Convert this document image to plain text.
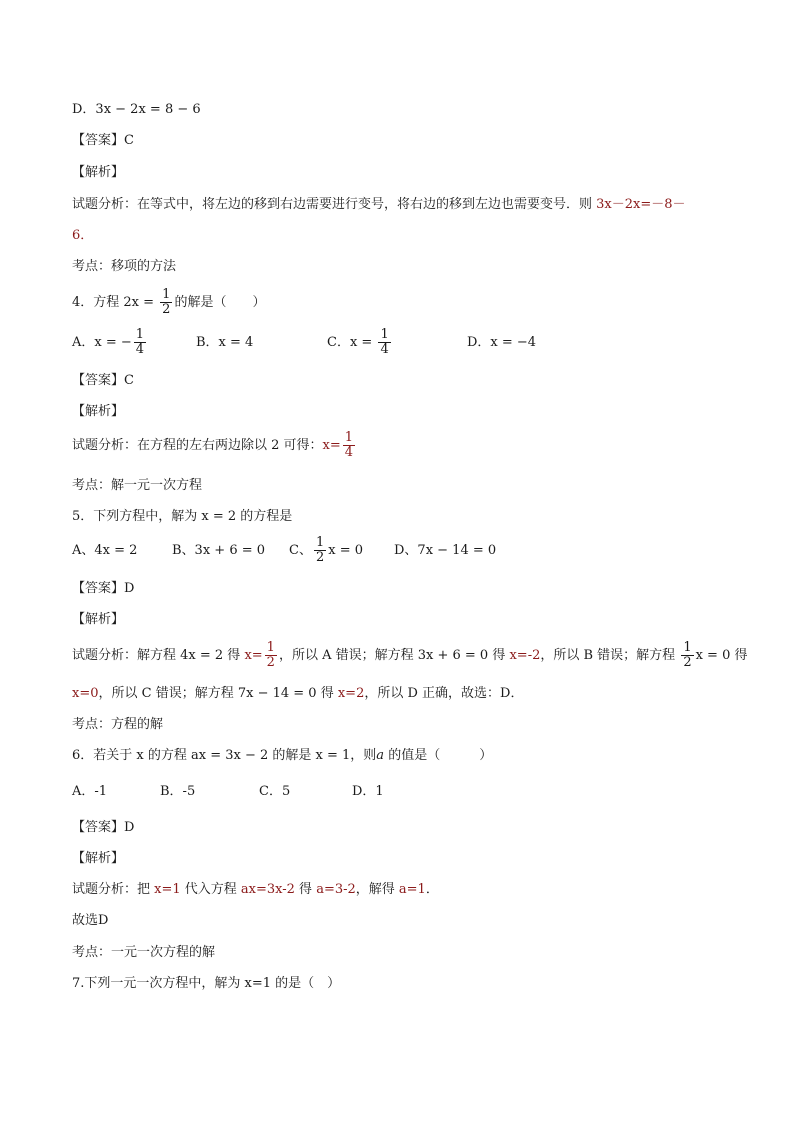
D．3x − 2x = 8 − 6
【答案】C
【解析】
试题分析：在等式中，将左边的移到右边需要进行变号，将右边的移到左边也需要变号．则 3x－2x=－8－
6．
考点：移项的方法
4．方程 $2x = \frac{1}{2}$ 的解是（　　）
A．x = − $\frac{1}{4}$	B．x = 4	C．$x = \frac{1}{4}$	D．x = −4
【答案】C
【解析】
试题分析：在方程的左右两边除以 2 可得：$x= \frac{1}{4}$
考点：解一元一次方程
5．下列方程中，解为 x = 2 的方程是
A、4x = 2	B、3x + 6 = 0 C、 $\frac{1}{2}$ x = 0 D、7x − 14 = 0
【答案】D
【解析】
试题分析：解方程 4x = 2 得 $x= \frac{1}{2}$ ，所以 A 错误；解方程 3x + 6 = 0 得 x=-2，所以 B 错误；解方程 $\frac{1}{2}$ x = 0 得
x=0，所以 C 错误；解方程 7x − 14 = 0 得 x=2，所以 D 正确，故选：D．
考点：方程的解
6．若关于 x 的方程 ax = 3x − 2 的解是 x = 1，则a 的值是（　　　）
A．-1	B．-5	C．5	D．1
【答案】D
【解析】
试题分析：把 x=1 代入方程 ax=3x-2 得 a=3-2，解得 a=1．
故选D
考点：一元一次方程的解
7.下列一元一次方程中，解为 x=1 的是（　）
